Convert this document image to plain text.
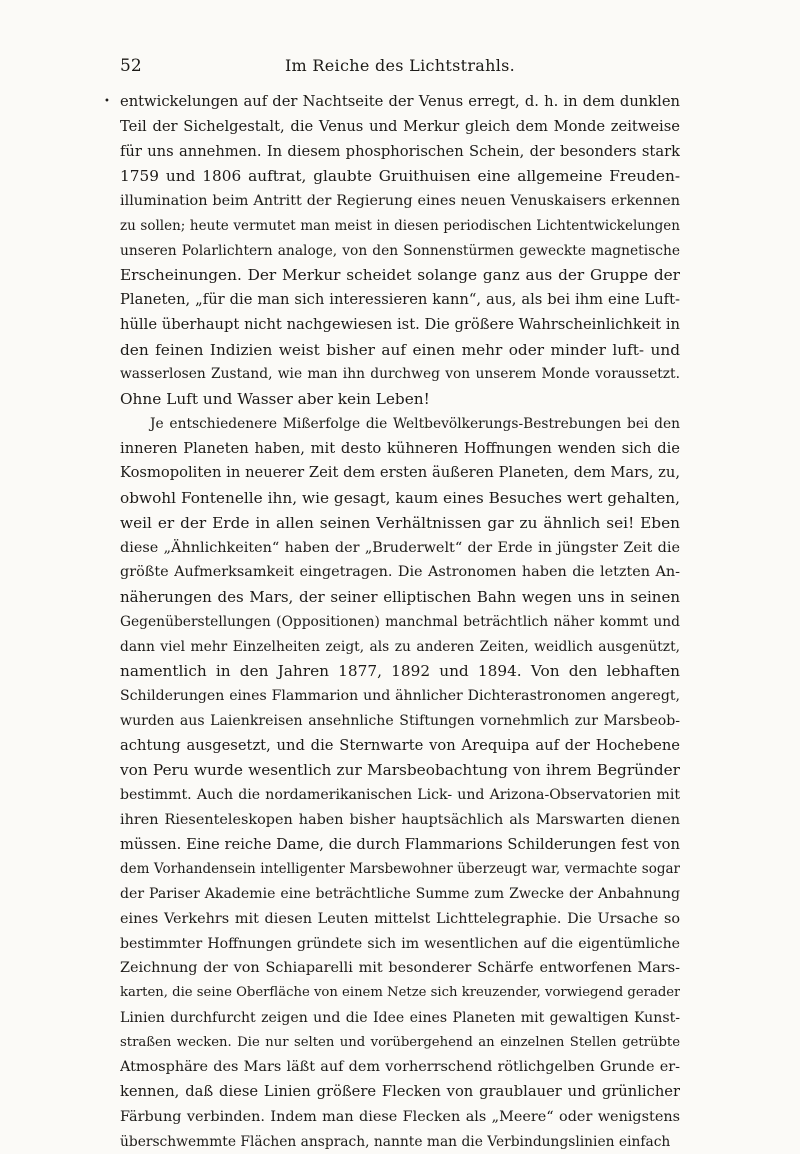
52	Im Reiche des Lichtstrahls.
• entwickelungen auf der Nachtseite der Venus erregt, d. h. in dem dunklen
Teil der Sichelgestalt, die Venus und Merkur gleich dem Monde zeitweise
für uns annehmen. In diesem phosphorischen Schein, der besonders stark
1759 und 1806 auftrat, glaubte Gruithuisen eine allgemeine Freuden-
illumination beim Antritt der Regierung eines neuen Venuskaisers erkennen
zu sollen; heute vermutet man meist in diesen periodischen Lichtentwickelungen
unseren Polarlichtern analoge, von den Sonnenstürmen geweckte magnetische
Erscheinungen. Der Merkur scheidet solange ganz aus der Gruppe der
Planeten, „für die man sich interessieren kann“, aus, als bei ihm eine Luft-
hülle überhaupt nicht nachgewiesen ist. Die größere Wahrscheinlichkeit in
den feinen Indizien weist bisher auf einen mehr oder minder luft- und
wasserlosen Zustand, wie man ihn durchweg von unserem Monde voraussetzt.
Ohne Luft und Wasser aber kein Leben!
Je entschiedenere Mißerfolge die Weltbevölkerungs-Bestrebungen bei den
inneren Planeten haben, mit desto kühneren Hoffnungen wenden sich die
Kosmopoliten in neuerer Zeit dem ersten äußeren Planeten, dem Mars, zu,
obwohl Fontenelle ihn, wie gesagt, kaum eines Besuches wert gehalten,
weil er der Erde in allen seinen Verhältnissen gar zu ähnlich sei! Eben
diese „Ähnlichkeiten“ haben der „Bruderwelt“ der Erde in jüngster Zeit die
größte Aufmerksamkeit eingetragen. Die Astronomen haben die letzten An-
näherungen des Mars, der seiner elliptischen Bahn wegen uns in seinen
Gegenüberstellungen (Oppositionen) manchmal beträchtlich näher kommt und
dann viel mehr Einzelheiten zeigt, als zu anderen Zeiten, weidlich ausgenützt,
namentlich in den Jahren 1877, 1892 und 1894. Von den lebhaften
Schilderungen eines Flammarion und ähnlicher Dichterastronomen angeregt,
wurden aus Laienkreisen ansehnliche Stiftungen vornehmlich zur Marsbeob-
achtung ausgesetzt, und die Sternwarte von Arequipa auf der Hochebene
von Peru wurde wesentlich zur Marsbeobachtung von ihrem Begründer
bestimmt. Auch die nordamerikanischen Lick- und Arizona-Observatorien mit
ihren Riesenteleskopen haben bisher hauptsächlich als Marswarten dienen
müssen. Eine reiche Dame, die durch Flammarions Schilderungen fest von
dem Vorhandensein intelligenter Marsbewohner überzeugt war, vermachte sogar
der Pariser Akademie eine beträchtliche Summe zum Zwecke der Anbahnung
eines Verkehrs mit diesen Leuten mittelst Lichttelegraphie. Die Ursache so
bestimmter Hoffnungen gründete sich im wesentlichen auf die eigentümliche
Zeichnung der von Schiaparelli mit besonderer Schärfe entworfenen Mars-
karten, die seine Oberfläche von einem Netze sich kreuzender, vorwiegend gerader
Linien durchfurcht zeigen und die Idee eines Planeten mit gewaltigen Kunst-
straßen wecken. Die nur selten und vorübergehend an einzelnen Stellen getrübte
Atmosphäre des Mars läßt auf dem vorherrschend rötlichgelben Grunde er-
kennen, daß diese Linien größere Flecken von graublauer und grünlicher
Färbung verbinden. Indem man diese Flecken als „Meere“ oder wenigstens
überschwemmte Flächen ansprach, nannte man die Verbindungslinien einfach
